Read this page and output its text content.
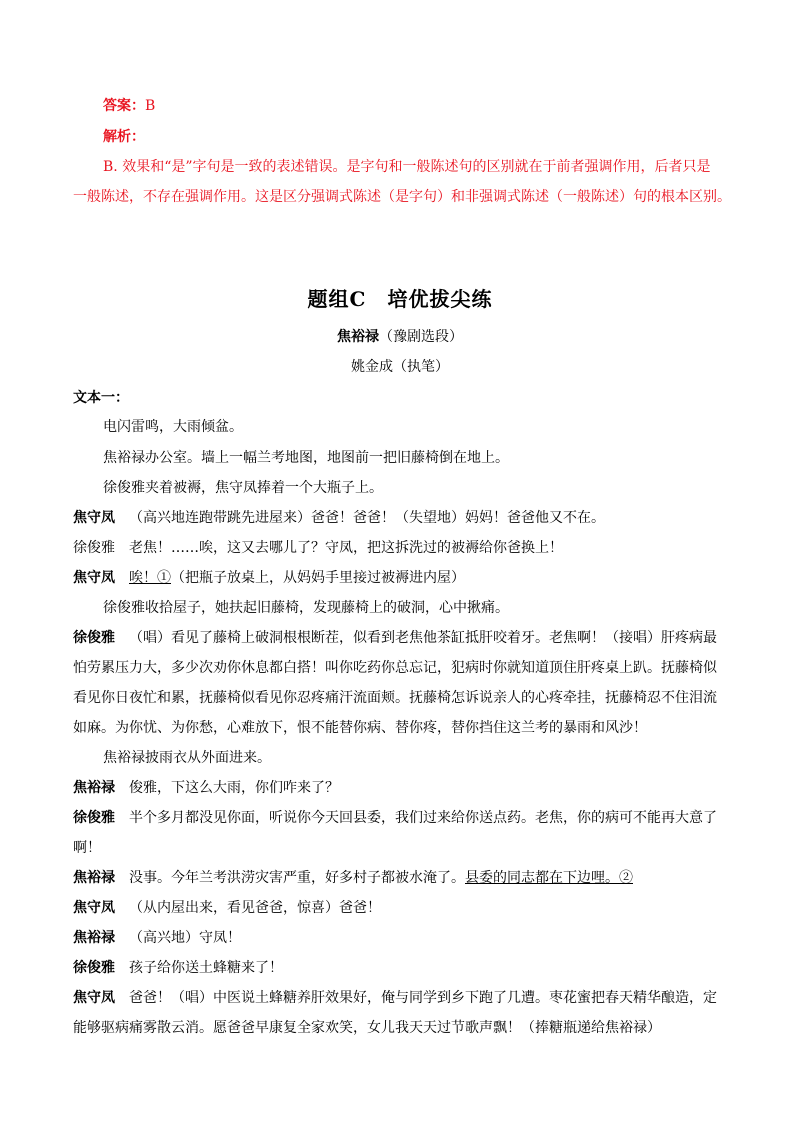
答案：B
解析：
B. 效果和“是”字句是一致的表述错误。是字句和一般陈述句的区别就在于前者强调作用，后者只是
一般陈述，不存在强调作用。这是区分强调式陈述（是字句）和非强调式陈述（一般陈述）句的根本区别。
题组C　培优拔尖练
焦裕禄（豫剧选段）
姚金成（执笔）
文本一：
电闪雷鸣，大雨倾盆。
焦裕禄办公室。墙上一幅兰考地图，地图前一把旧藤椅倒在地上。
徐俊雅夹着被褥，焦守凤捧着一个大瓶子上。
焦守凤 （高兴地连跑带跳先进屋来）爸爸！爸爸！（失望地）妈妈！爸爸他又不在。
徐俊雅 老焦！……唉，这又去哪儿了？守凤，把这拆洗过的被褥给你爸换上！
焦守凤 唉！①（把瓶子放桌上，从妈妈手里接过被褥进内屋）
徐俊雅收拾屋子，她扶起旧藤椅，发现藤椅上的破洞，心中揪痛。
徐俊雅 （唱）看见了藤椅上破洞根根断茬，似看到老焦他茶缸抵肝咬着牙。老焦啊！（接唱）肝疼病最
怕劳累压力大，多少次劝你休息都白搭！叫你吃药你总忘记，犯病时你就知道顶住肝疼桌上趴。抚藤椅似
看见你日夜忙和累，抚藤椅似看见你忍疼痛汗流面颊。抚藤椅怎诉说亲人的心疼牵挂，抚藤椅忍不住泪流
如麻。为你忧、为你愁，心难放下，恨不能替你病、替你疼，替你挡住这兰考的暴雨和风沙！
焦裕禄披雨衣从外面进来。
焦裕禄 俊雅，下这么大雨，你们咋来了？
徐俊雅 半个多月都没见你面，听说你今天回县委，我们过来给你送点药。老焦，你的病可不能再大意了
啊！
焦裕禄 没事。今年兰考洪涝灾害严重，好多村子都被水淹了。县委的同志都在下边哩。②
焦守凤 （从内屋出来，看见爸爸，惊喜）爸爸！
焦裕禄 （高兴地）守凤！
徐俊雅 孩子给你送土蜂糖来了！
焦守凤 爸爸！（唱）中医说土蜂糖养肝效果好，俺与同学到乡下跑了几遭。枣花蜜把春天精华酿造，定
能够驱病痛雾散云消。愿爸爸早康复全家欢笑，女儿我天天过节歌声飘！（捧糖瓶递给焦裕禄）
